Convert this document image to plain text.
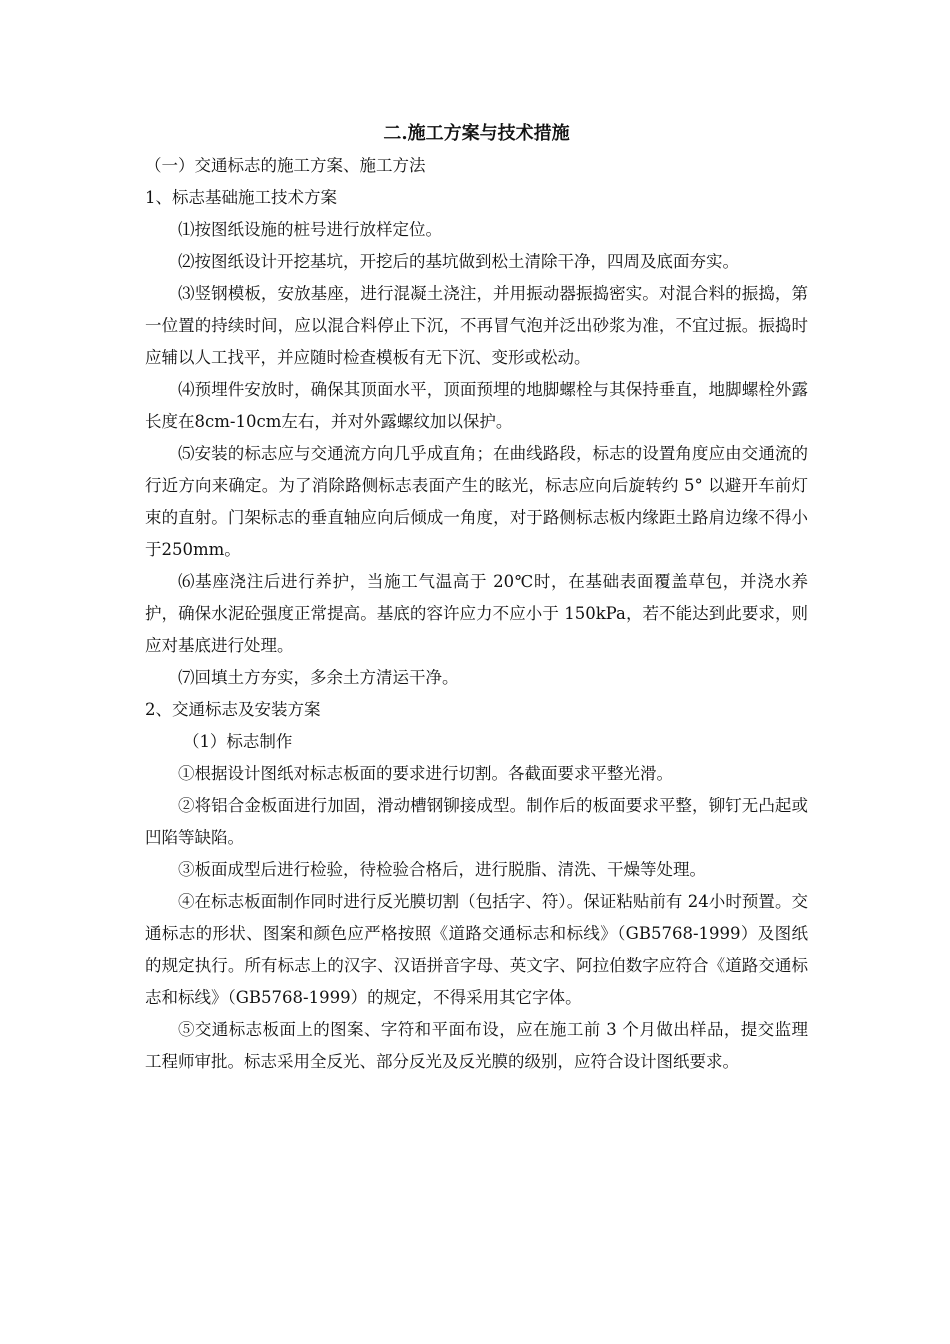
二.施工方案与技术措施

（一）交通标志的施工方案、施工方法

1、标志基础施工技术方案

⑴按图纸设施的桩号进行放样定位。

⑵按图纸设计开挖基坑，开挖后的基坑做到松土清除干净，四周及底面夯实。

⑶竖钢模板，安放基座，进行混凝土浇注，并用振动器振捣密实。对混合料的振捣，第一位置的持续时间，应以混合料停止下沉，不再冒气泡并泛出砂浆为准，不宜过振。振捣时应辅以人工找平，并应随时检查模板有无下沉、变形或松动。

⑷预埋件安放时，确保其顶面水平，顶面预埋的地脚螺栓与其保持垂直，地脚螺栓外露长度在8cm-10cm左右，并对外露螺纹加以保护。

⑸安装的标志应与交通流方向几乎成直角；在曲线路段，标志的设置角度应由交通流的行近方向来确定。为了消除路侧标志表面产生的眩光，标志应向后旋转约 5° 以避开车前灯束的直射。门架标志的垂直轴应向后倾成一角度，对于路侧标志板内缘距土路肩边缘不得小于250mm。

⑹基座浇注后进行养护，当施工气温高于 20℃时，在基础表面覆盖草包，并浇水养护，确保水泥砼强度正常提高。基底的容许应力不应小于 150kPa，若不能达到此要求，则应对基底进行处理。

⑺回填土方夯实，多余土方清运干净。

2、交通标志及安装方案

（1）标志制作

①根据设计图纸对标志板面的要求进行切割。各截面要求平整光滑。

②将铝合金板面进行加固，滑动槽钢铆接成型。制作后的板面要求平整，铆钉无凸起或凹陷等缺陷。

③板面成型后进行检验，待检验合格后，进行脱脂、清洗、干燥等处理。

④在标志板面制作同时进行反光膜切割（包括字、符）。保证粘贴前有 24小时预置。交通标志的形状、图案和颜色应严格按照《道路交通标志和标线》（GB5768-1999）及图纸的规定执行。所有标志上的汉字、汉语拼音字母、英文字、阿拉伯数字应符合《道路交通标志和标线》（GB5768-1999）的规定，不得采用其它字体。

⑤交通标志板面上的图案、字符和平面布设，应在施工前 3 个月做出样品，提交监理工程师审批。标志采用全反光、部分反光及反光膜的级别，应符合设计图纸要求。
